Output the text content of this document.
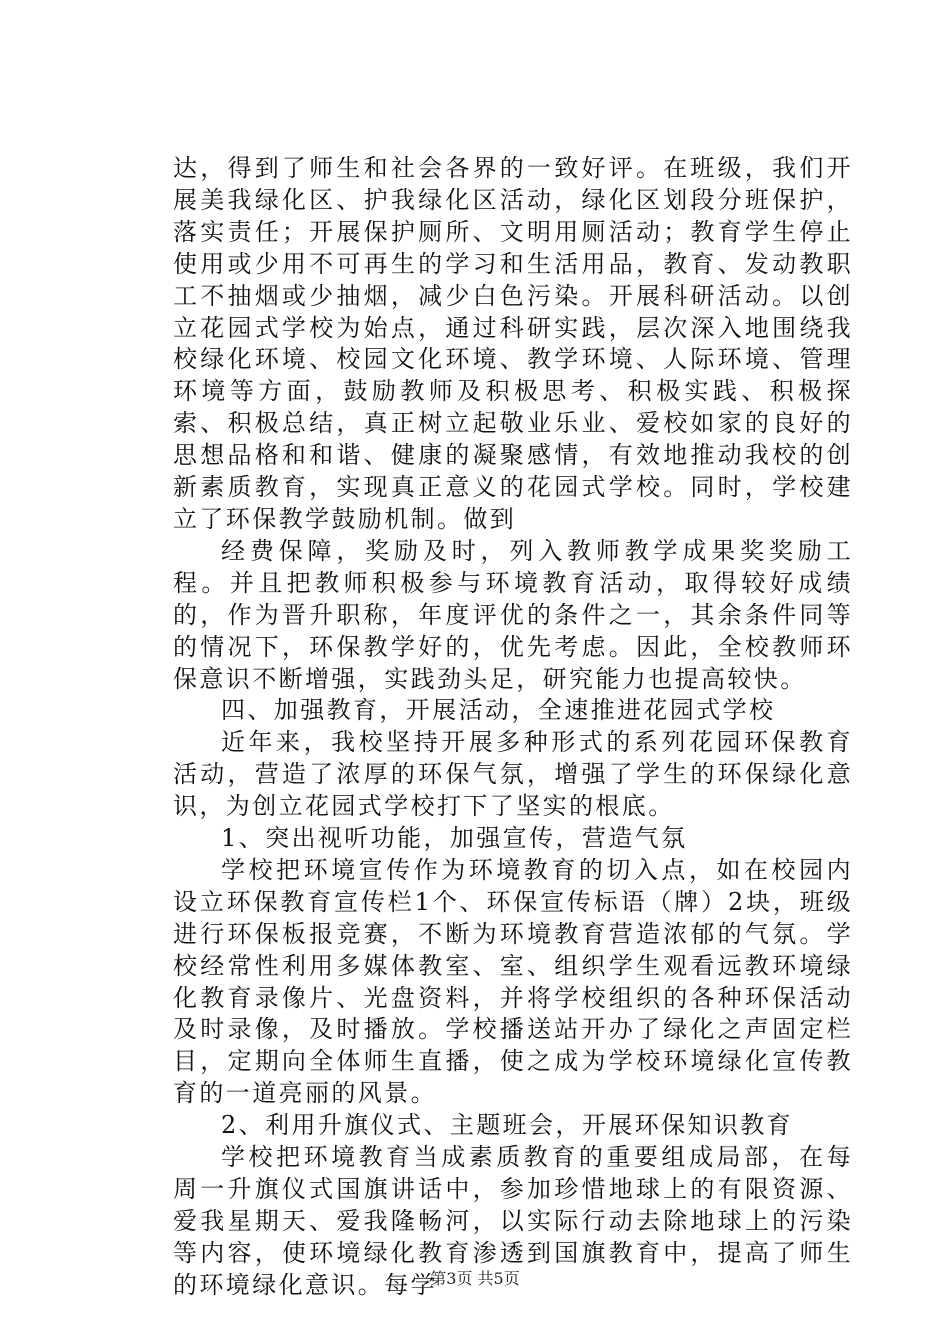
达，得到了师生和社会各界的一致好评。在班级，我们开展美我绿化区、护我绿化区活动，绿化区划段分班保护，落实责任；开展保护厕所、文明用厕活动；教育学生停止使用或少用不可再生的学习和生活用品，教育、发动教职工不抽烟或少抽烟，减少白色污染。开展科研活动。以创立花园式学校为始点，通过科研实践，层次深入地围绕我校绿化环境、校园文化环境、教学环境、人际环境、管理环境等方面，鼓励教师及积极思考、积极实践、积极探索、积极总结，真正树立起敬业乐业、爱校如家的良好的思想品格和和谐、健康的凝聚感情，有效地推动我校的创新素质教育，实现真正意义的花园式学校。同时，学校建立了环保教学鼓励机制。做到

经费保障，奖励及时，列入教师教学成果奖奖励工程。并且把教师积极参与环境教育活动，取得较好成绩的，作为晋升职称，年度评优的条件之一，其余条件同等的情况下，环保教学好的，优先考虑。因此，全校教师环保意识不断增强，实践劲头足，研究能力也提高较快。

四、加强教育，开展活动，全速推进花园式学校

近年来，我校坚持开展多种形式的系列花园环保教育活动，营造了浓厚的环保气氛，增强了学生的环保绿化意识，为创立花园式学校打下了坚实的根底。

1、突出视听功能，加强宣传，营造气氛

学校把环境宣传作为环境教育的切入点，如在校园内设立环保教育宣传栏1个、环保宣传标语（牌）2块，班级进行环保板报竞赛，不断为环境教育营造浓郁的气氛。学校经常性利用多媒体教室、室、组织学生观看远教环境绿化教育录像片、光盘资料，并将学校组织的各种环保活动及时录像，及时播放。学校播送站开办了绿化之声固定栏目，定期向全体师生直播，使之成为学校环境绿化宣传教育的一道亮丽的风景。

2、利用升旗仪式、主题班会，开展环保知识教育

学校把环境教育当成素质教育的重要组成局部，在每周一升旗仪式国旗讲话中，参加珍惜地球上的有限资源、爱我星期天、爱我隆畅河，以实际行动去除地球上的污染等内容，使环境绿化教育渗透到国旗教育中，提高了师生的环境绿化意识。每学

第3页 共5页
